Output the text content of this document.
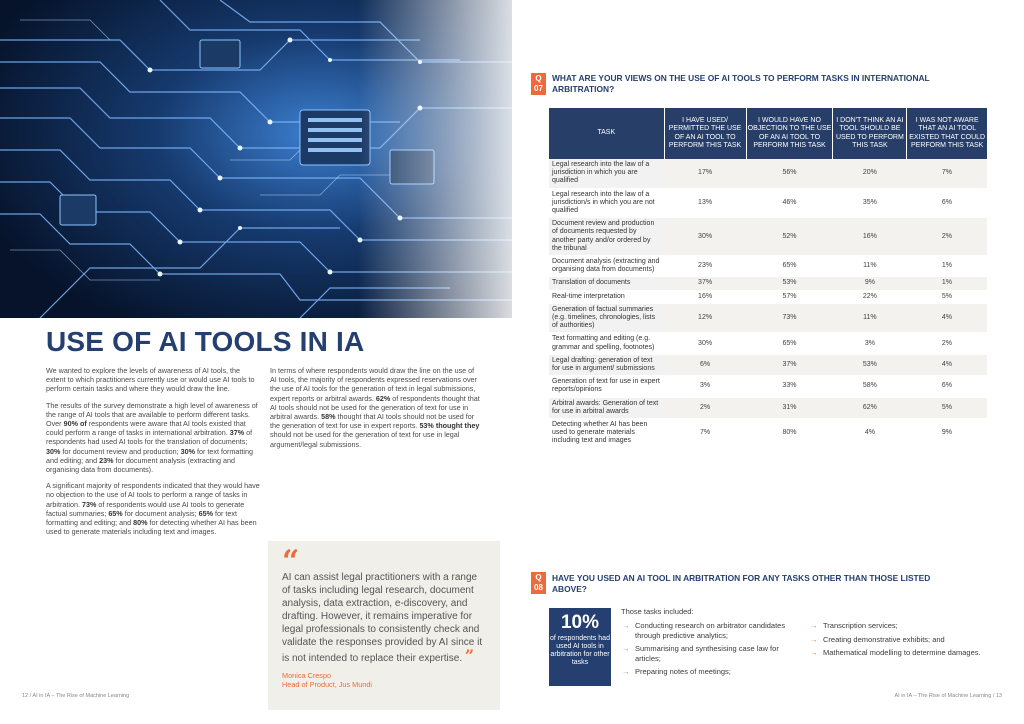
USE OF AI TOOLS IN IA

We wanted to explore the levels of awareness of AI tools, the extent to which practitioners currently use or would use AI tools to perform certain tasks and where they would draw the line.

The results of the survey demonstrate a high level of awareness of the range of AI tools that are available to perform different tasks. Over 90% of respondents were aware that AI tools existed that could perform a range of tasks in international arbitration. 37% of respondents had used AI tools for the translation of documents; 30% for document review and production; 30% for text formatting and editing; and 23% for document analysis (extracting and organising data from documents).

A significant majority of respondents indicated that they would have no objection to the use of AI tools to perform a range of tasks in arbitration. 73% of respondents would use AI tools to generate factual summaries; 65% for document analysis; 65% for text formatting and editing; and 80% for detecting whether AI has been used to generate materials including text and images.

In terms of where respondents would draw the line on the use of AI tools, the majority of respondents expressed reservations over the use of AI tools for the generation of text in legal submissions, expert reports or arbitral awards. 62% of respondents thought that AI tools should not be used for the generation of text for use in arbitral awards. 58% thought that AI tools should not be used for the generation of text for use in expert reports. 53% thought they should not be used for the generation of text for use in legal argument/legal submissions.

“
AI can assist legal practitioners with a range of tasks including legal research, document analysis, data extraction, e-discovery, and drafting. However, it remains imperative for legal professionals to consistently check and validate the responses provided by AI since it is not intended to replace their expertise. ”
Monica Crespo
Head of Product, Jus Mundi
12 / AI in IA – The Rise of Machine Learning
Q
07
WHAT ARE YOUR VIEWS ON THE USE OF AI TOOLS TO PERFORM TASKS IN INTERNATIONAL ARBITRATION?
TASK	I HAVE USED/ PERMITTED THE USE OF AN AI TOOL TO PERFORM THIS TASK	I WOULD HAVE NO OBJECTION TO THE USE OF AN AI TOOL TO PERFORM THIS TASK	I DON'T THINK AN AI TOOL SHOULD BE USED TO PERFORM THIS TASK	I WAS NOT AWARE THAT AN AI TOOL EXISTED THAT COULD PERFORM THIS TASK
Legal research into the law of a jurisdiction in which you are qualified	17%	56%	20%	7%
Legal research into the law of a jurisdiction/s in which you are not qualified	13%	46%	35%	6%
Document review and production of documents requested by another party and/or ordered by the tribunal	30%	52%	16%	2%
Document analysis (extracting and organising data from documents)	23%	65%	11%	1%
Translation of documents	37%	53%	9%	1%
Real-time interpretation	16%	57%	22%	5%
Generation of factual summaries (e.g. timelines, chronologies, lists of authorities)	12%	73%	11%	4%
Text formatting and editing (e.g. grammar and spelling, footnotes)	30%	65%	3%	2%
Legal drafting: generation of text for use in argument/ submissions	6%	37%	53%	4%
Generation of text for use in expert reports/opinions	3%	33%	58%	6%
Arbitral awards: Generation of text for use in arbitral awards	2%	31%	62%	5%
Detecting whether AI has been used to generate materials including text and images	7%	80%	4%	9%
Q
08
HAVE YOU USED AN AI TOOL IN ARBITRATION FOR ANY TASKS OTHER THAN THOSE LISTED ABOVE?
10%
of respondents had used AI tools in arbitration for other tasks
Those tasks included:
→ Conducting research on arbitrator candidates through predictive analytics;
→ Summarising and synthesising case law for articles;
→ Preparing notes of meetings;
→ Transcription services;
→ Creating demonstrative exhibits; and
→ Mathematical modelling to determine damages.
AI in IA – The Rise of Machine Learning / 13
